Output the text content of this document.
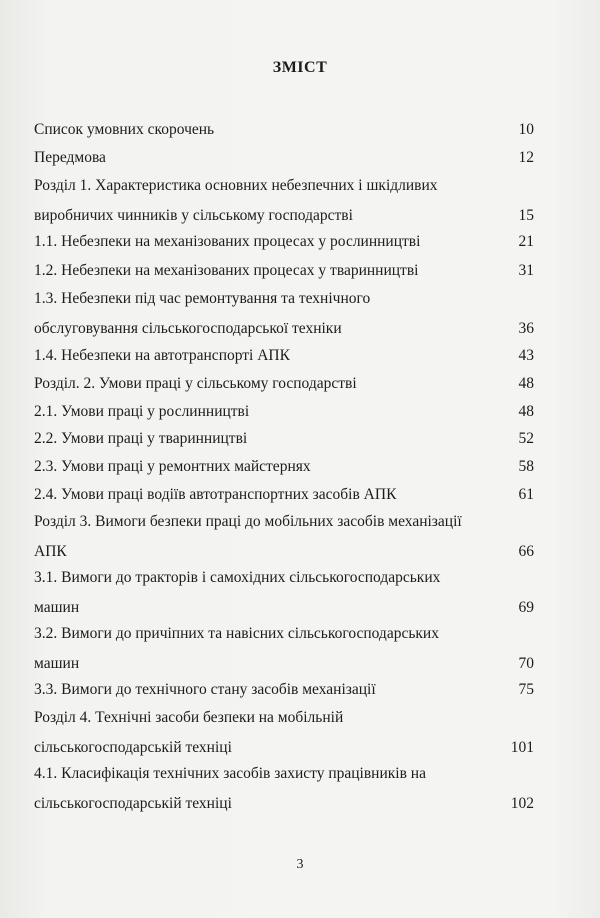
ЗМІСТ
Список умовних скорочень	10
Передмова	12
Розділ 1. Характеристика основних небезпечних і шкідливих
виробничих чинників у сільському господарстві	15
1.1. Небезпеки на механізованих процесах у рослинництві	21
1.2. Небезпеки на механізованих процесах у тваринництві	31
1.3. Небезпеки під час ремонтування та технічного
обслуговування сільськогосподарської техніки	36
1.4. Небезпеки на автотранспорті АПК	43
Розділ. 2. Умови праці у сільському господарстві	48
2.1. Умови праці у рослинництві	48
2.2. Умови праці у тваринництві	52
2.3. Умови праці у ремонтних майстернях	58
2.4. Умови праці водіїв автотранспортних засобів АПК	61
Розділ 3. Вимоги безпеки праці до мобільних засобів механізації
АПК	66
3.1. Вимоги до тракторів і самохідних сільськогосподарських
машин	69
3.2. Вимоги до причіпних та навісних сільськогосподарських
машин	70
3.3. Вимоги до технічного стану засобів механізації	75
Розділ 4. Технічні засоби безпеки на мобільній
сільськогосподарській техніці	101
4.1. Класифікація технічних засобів захисту працівників на
сільськогосподарській техніці	102
3
